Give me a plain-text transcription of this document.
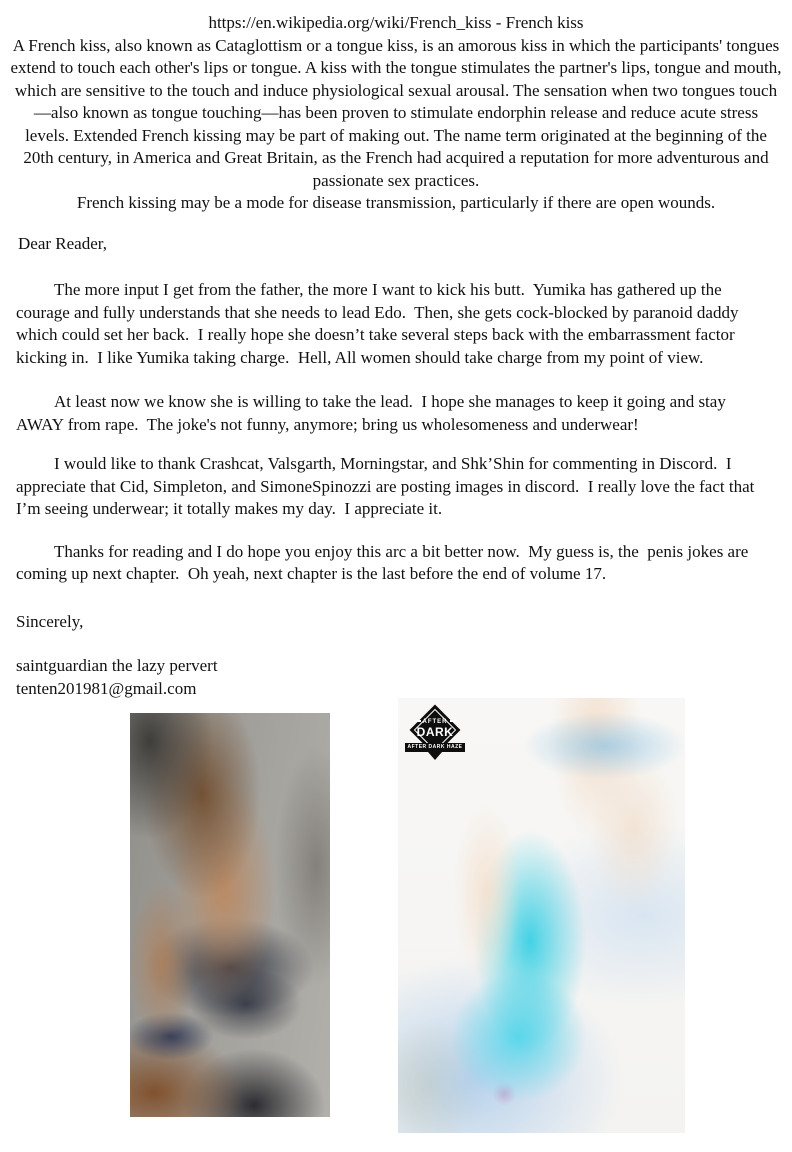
https://en.wikipedia.org/wiki/French_kiss - French kiss
A French kiss, also known as Cataglottism or a tongue kiss, is an amorous kiss in which the participants' tongues extend to touch each other's lips or tongue. A kiss with the tongue stimulates the partner's lips, tongue and mouth, which are sensitive to the touch and induce physiological sexual arousal. The sensation when two tongues touch—also known as tongue touching—has been proven to stimulate endorphin release and reduce acute stress levels. Extended French kissing may be part of making out. The name term originated at the beginning of the 20th century, in America and Great Britain, as the French had acquired a reputation for more adventurous and passionate sex practices.
French kissing may be a mode for disease transmission, particularly if there are open wounds.
Dear Reader,
The more input I get from the father, the more I want to kick his butt.  Yumika has gathered up the courage and fully understands that she needs to lead Edo.  Then, she gets cock-blocked by paranoid daddy which could set her back.  I really hope she doesn’t take several steps back with the embarrassment factor kicking in.  I like Yumika taking charge.  Hell, All women should take charge from my point of view.
At least now we know she is willing to take the lead.  I hope she manages to keep it going and stay AWAY from rape.  The joke's not funny, anymore; bring us wholesomeness and underwear!
I would like to thank Crashcat, Valsgarth, Morningstar, and Shk’Shin for commenting in Discord.  I appreciate that Cid, Simpleton, and SimoneSpinozzi are posting images in discord.  I really love the fact that I’m seeing underwear; it totally makes my day.  I appreciate it.
Thanks for reading and I do hope you enjoy this arc a bit better now.  My guess is, the  penis jokes are coming up next chapter.  Oh yeah, next chapter is the last before the end of volume 17.
Sincerely,
saintguardian the lazy pervert
tenten201981@gmail.com
AFTER
DARK
AFTER DARK HAZE
